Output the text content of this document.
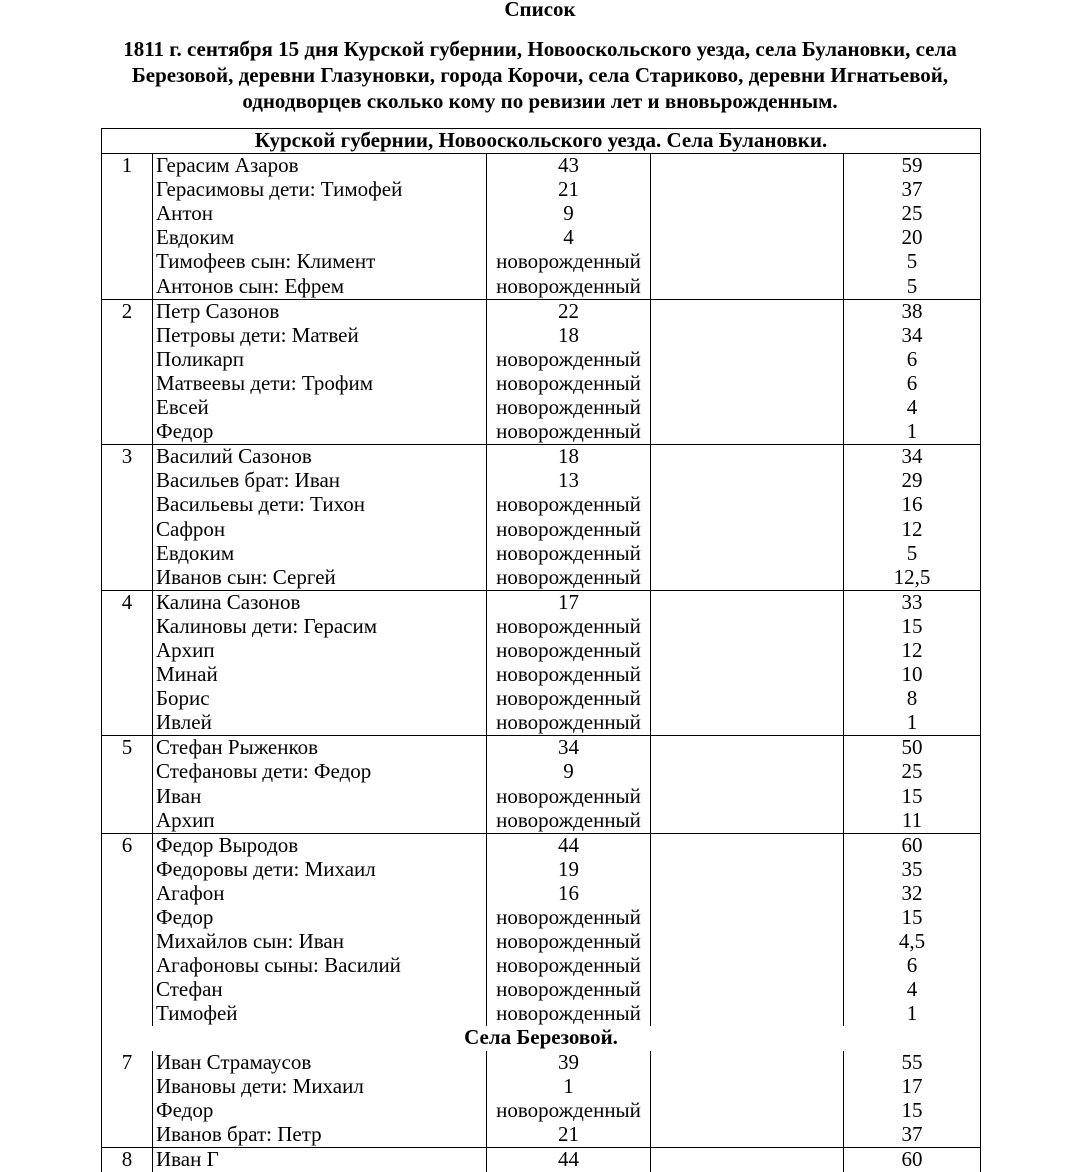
Список
1811 г. сентября 15 дня Курской губернии, Новооскольского уезда, села Булановки, села Березовой, деревни Глазуновки, города Корочи, села Стариково, деревни Игнатьевой, однодворцев сколько кому по ревизии лет и вновьрожденным.
Курской губернии, Новооскольского уезда. Села Булановки.				
1	Герасим Азаров	43		59
	Герасимовы дети: Тимофей	21		37
	Антон	9		25
	Евдоким	4		20
	Тимофеев сын: Климент	новорожденный		5
	Антонов сын: Ефрем	новорожденный		5
2	Петр Сазонов	22		38
	Петровы дети: Матвей	18		34
	Поликарп	новорожденный		6
	Матвеевы дети: Трофим	новорожденный		6
	Евсей	новорожденный		4
	Федор	новорожденный		1
3	Василий Сазонов	18		34
	Васильев брат: Иван	13		29
	Васильевы дети: Тихон	новорожденный		16
	Сафрон	новорожденный		12
	Евдоким	новорожденный		5
	Иванов сын: Сергей	новорожденный		12,5
4	Калина Сазонов	17		33
	Калиновы дети: Герасим	новорожденный		15
	Архип	новорожденный		12
	Минай	новорожденный		10
	Борис	новорожденный		8
	Ивлей	новорожденный		1
5	Стефан Рыженков	34		50
	Стефановы дети: Федор	9		25
	Иван	новорожденный		15
	Архип	новорожденный		11
6	Федор Выродов	44		60
	Федоровы дети: Михаил	19		35
	Агафон	16		32
	Федор	новорожденный		15
	Михайлов сын: Иван	новорожденный		4,5
	Агафоновы сыны: Василий	новорожденный		6
	Стефан	новорожденный		4
	Тимофей	новорожденный		1
Села Березовой.				
7	Иван Страмаусов	39		55
	Ивановы дети: Михаил	1		17
	Федор	новорожденный		15
	Иванов брат: Петр	21		37
8	Иван Г	44		60
